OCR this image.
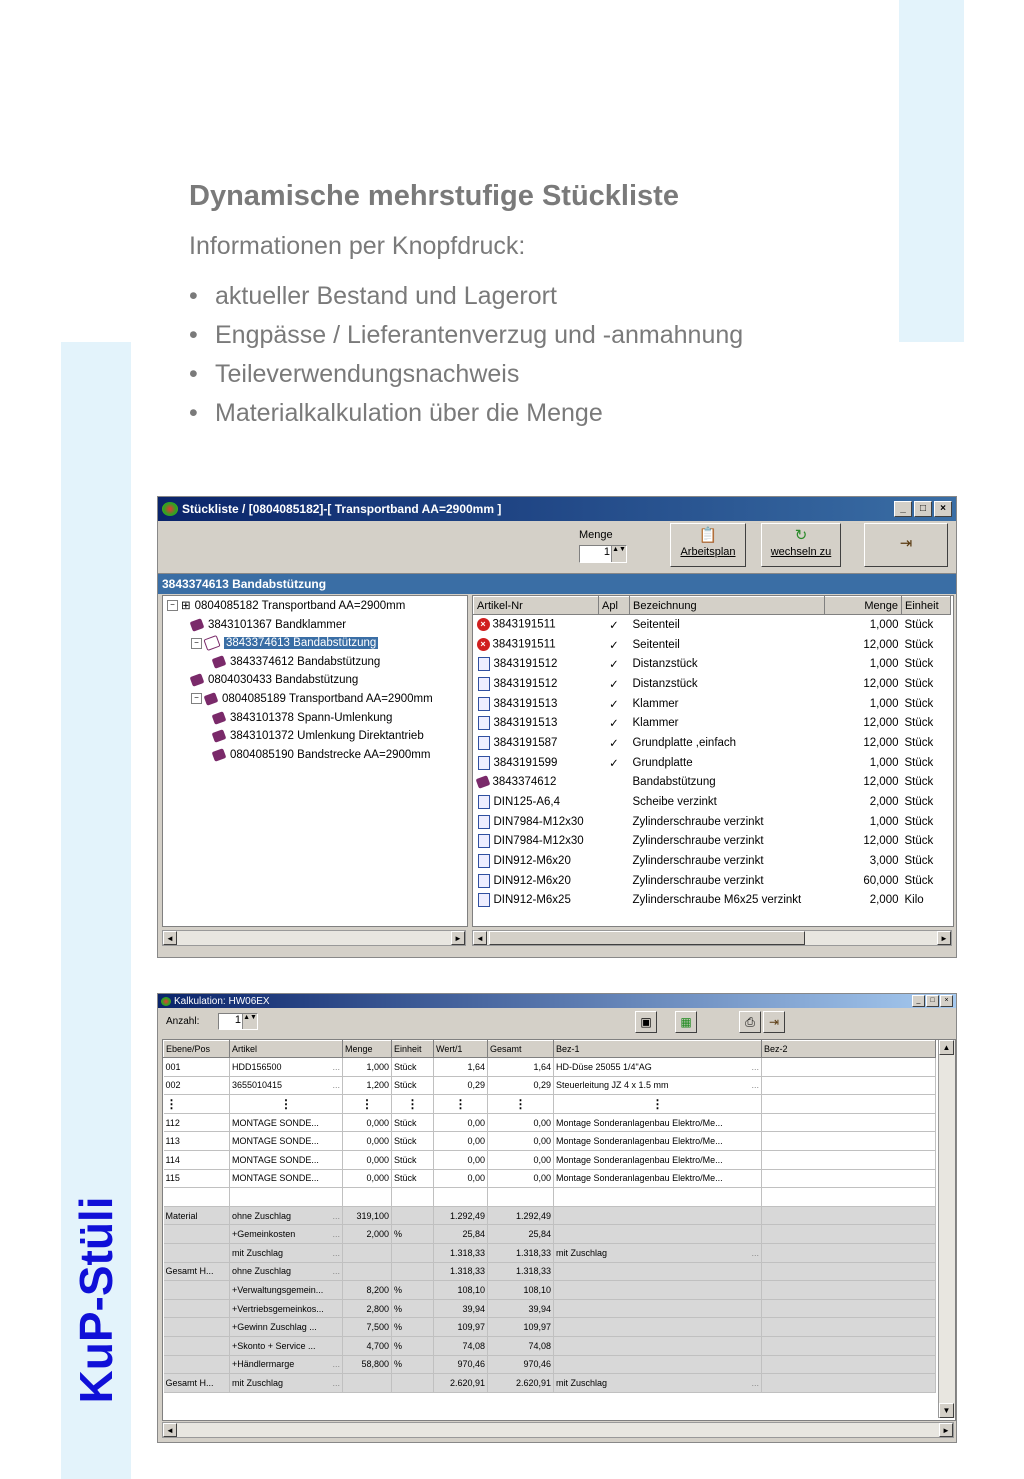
KuP-Stüli
Dynamische mehrstufige Stückliste
Informationen per Knopfdruck:
• aktueller Bestand und Lagerort
• Engpässe / Lieferantenverzug und -anmahnung
• Teileverwendungsnachweis
• Materialkalkulation über die Menge
Stückliste / [0804085182]-[ Transportband AA=2900mm ]	_	□	×
Menge
1 ▲▼
📋
Arbeitsplan
↻
wechseln zu	⇥
3843374613 Bandabstützung
− ⊞ 0804085182 Transportband AA=2900mm
3843101367 Bandklammer
− 3843374613 Bandabstützung
3843374612 Bandabstützung
0804030433 Bandabstützung
− 0804085189 Transportband AA=2900mm
3843101378 Spann-Umlenkung
3843101372 Umlenkung Direktantrieb
0804085190 Bandstrecke AA=2900mm
Artikel-Nr	Apl	Bezeichnung	Menge	Einheit
× 3843191511	✓	Seitenteil	1,000	Stück
× 3843191511	✓	Seitenteil	12,000	Stück
3843191512	✓	Distanzstück	1,000	Stück
3843191512	✓	Distanzstück	12,000	Stück
3843191513	✓	Klammer	1,000	Stück
3843191513	✓	Klammer	12,000	Stück
3843191587	✓	Grundplatte ,einfach	12,000	Stück
3843191599	✓	Grundplatte	1,000	Stück
3843374612		Bandabstützung	12,000	Stück
DIN125-A6,4		Scheibe verzinkt	2,000	Stück
DIN7984-M12x30		Zylinderschraube verzinkt	1,000	Stück
DIN7984-M12x30		Zylinderschraube verzinkt	12,000	Stück
DIN912-M6x20		Zylinderschraube verzinkt	3,000	Stück
DIN912-M6x20		Zylinderschraube verzinkt	60,000	Stück
DIN912-M6x25		Zylinderschraube M6x25 verzinkt	2,000	Kilo
◄	►	◄	►
Kalkulation: HW06EX	_	□	×
Anzahl:	1 ▲▼	▣	▦	⎙	⇥
Ebene/Pos	Artikel	Menge	Einheit	Wert/1	Gesamt	Bez-1	Bez-2
001	HDD156500 ...	1,000	Stück	1,64	1,64	HD-Düse 25055 1/4"AG ...	

002	3655010415 ...	1,200	Stück	0,29	0,29	Steuerleitung JZ 4 x 1.5 mm ...	

⋮	⋮	⋮	⋮	⋮	⋮	⋮	
112	MONTAGE SONDE...	0,000	Stück	0,00	0,00	Montage Sonderanlagenbau Elektro/Me...	
113	MONTAGE SONDE...	0,000	Stück	0,00	0,00	Montage Sonderanlagenbau Elektro/Me...	
114	MONTAGE SONDE...	0,000	Stück	0,00	0,00	Montage Sonderanlagenbau Elektro/Me...	
115	MONTAGE SONDE...	0,000	Stück	0,00	0,00	Montage Sonderanlagenbau Elektro/Me...	

Material	ohne Zuschlag ...	319,100		1.292,49	1.292,49		
	+Gemeinkosten ...	2,000	%	25,84	25,84		
	mit Zuschlag ...			1.318,33	1.318,33	mit Zuschlag ...	

Gesamt H...	ohne Zuschlag ...			1.318,33	1.318,33		
	+Verwaltungsgemein...	8,200	%	108,10	108,10		
	+Vertriebsgemeinkos...	2,800	%	39,94	39,94		
	+Gewinn Zuschlag ...	7,500	%	109,97	109,97		
	+Skonto + Service ...	4,700	%	74,08	74,08		
	+Händlermarge ...	58,800	%	970,46	970,46		
Gesamt H...	mit Zuschlag ...			2.620,91	2.620,91	mit Zuschlag ...	

▲
▼
◄	►
